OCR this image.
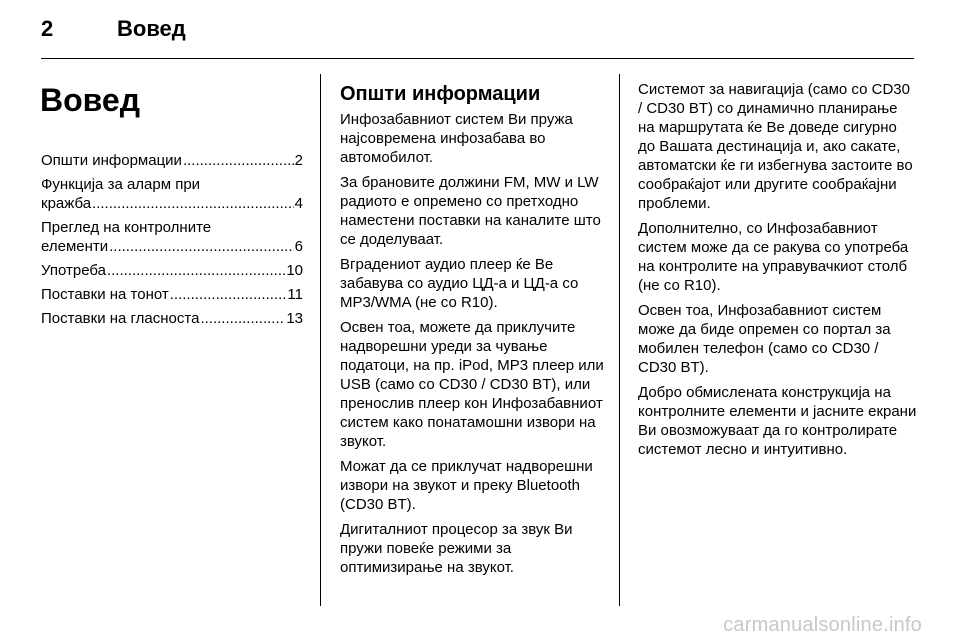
2	Вовед
Вовед
Општи информации .....	2
Функција за аларм при
кражба .....	4
Преглед на контролните
елементи .....	6
Употреба .....	10
Поставки на тонот .....	11
Поставки на гласноста .....	13
Општи информации

Инфозабавниот систем Ви пружа најсовремена инфозабава во автомобилот.

За брановите должини FM, MW и LW радиото е опремено со претходно наместени поставки на каналите што се доделуваат.

Вградениот аудио плеер ќе Ве забавува со аудио ЦД-а и ЦД-а со MP3/WMA (не со R10).

Освен тоа, можете да приклучите надворешни уреди за чување податоци, на пр. iPod, MP3 плеер или USB (само со CD30 / CD30 BT), или пренослив плеер кон Инфозабавниот систем како понатамошни извори на звукот.

Можат да се приклучат надворешни извори на звукот и преку Bluetooth (CD30 BT).

Дигиталниот процесор за звук Ви пружи повеќе режими за оптимизирање на звукот.

Системот за навигација (само со CD30 / CD30 BT) со динамично планирање на маршрутата ќе Ве доведе сигурно до Вашата дестинација и, ако сакате, автоматски ќе ги избегнува застоите во сообраќајот или другите сообраќајни проблеми.

Дополнително, со Инфозабавниот систем може да се ракува со употреба на контролите на управувачкиот столб (не со R10).

Освен тоа, Инфозабавниот систем може да биде опремен со портал за мобилен телефон (само со CD30 / CD30 BT).

Добро обмислената конструкција на контролните елементи и јасните екрани Ви овозможуваат да го контролирате системот лесно и интуитивно.

carmanualsonline.info
